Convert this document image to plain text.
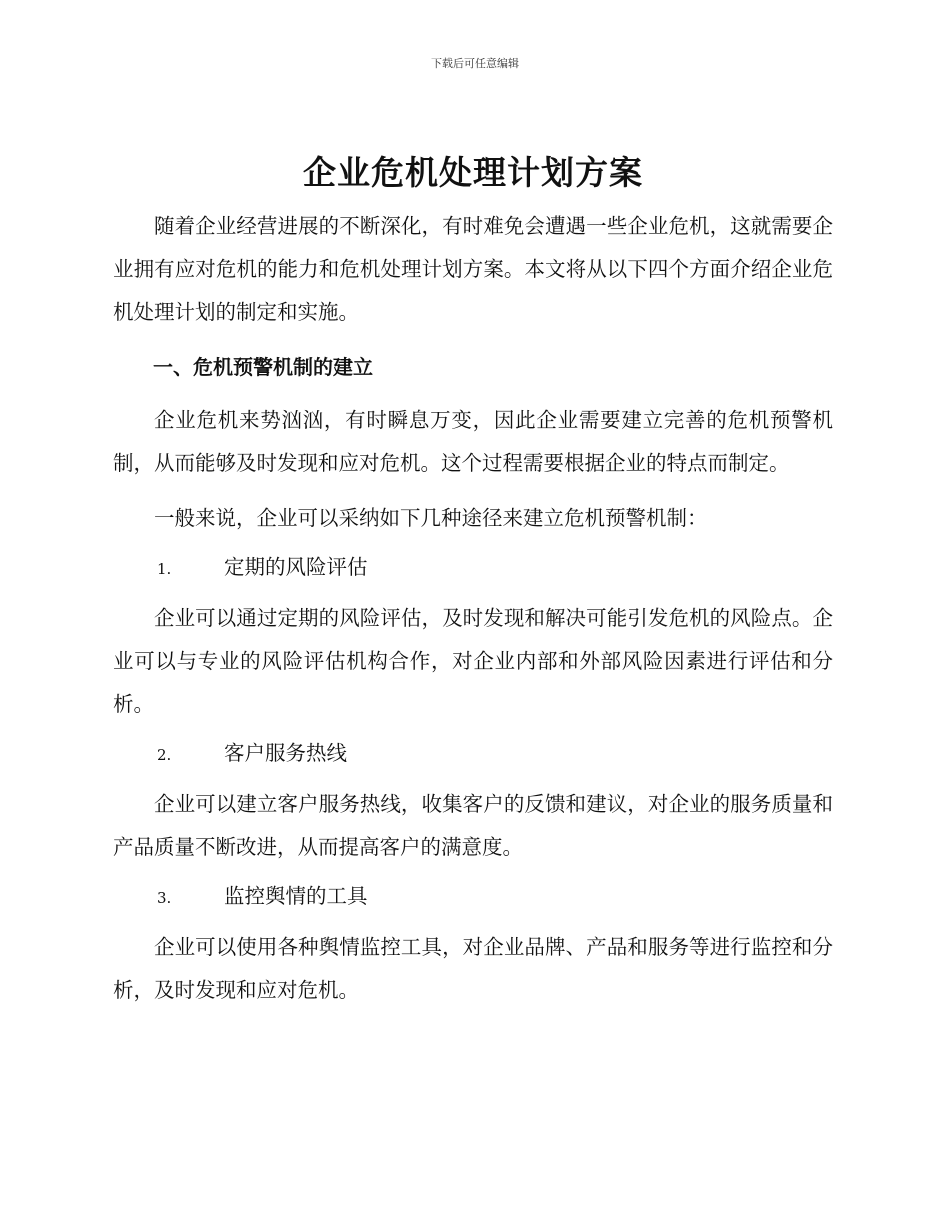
下载后可任意编辑
企业危机处理计划方案

随着企业经营进展的不断深化，有时难免会遭遇一些企业危机，这就需要企业拥有应对危机的能力和危机处理计划方案。本文将从以下四个方面介绍企业危机处理计划的制定和实施。

一、危机预警机制的建立

企业危机来势汹汹，有时瞬息万变，因此企业需要建立完善的危机预警机制，从而能够及时发现和应对危机。这个过程需要根据企业的特点而制定。

一般来说，企业可以采纳如下几种途径来建立危机预警机制：

1.	定期的风险评估

企业可以通过定期的风险评估，及时发现和解决可能引发危机的风险点。企业可以与专业的风险评估机构合作，对企业内部和外部风险因素进行评估和分析。

2.	客户服务热线

企业可以建立客户服务热线，收集客户的反馈和建议，对企业的服务质量和产品质量不断改进，从而提高客户的满意度。

3.	监控舆情的工具

企业可以使用各种舆情监控工具，对企业品牌、产品和服务等进行监控和分析，及时发现和应对危机。
